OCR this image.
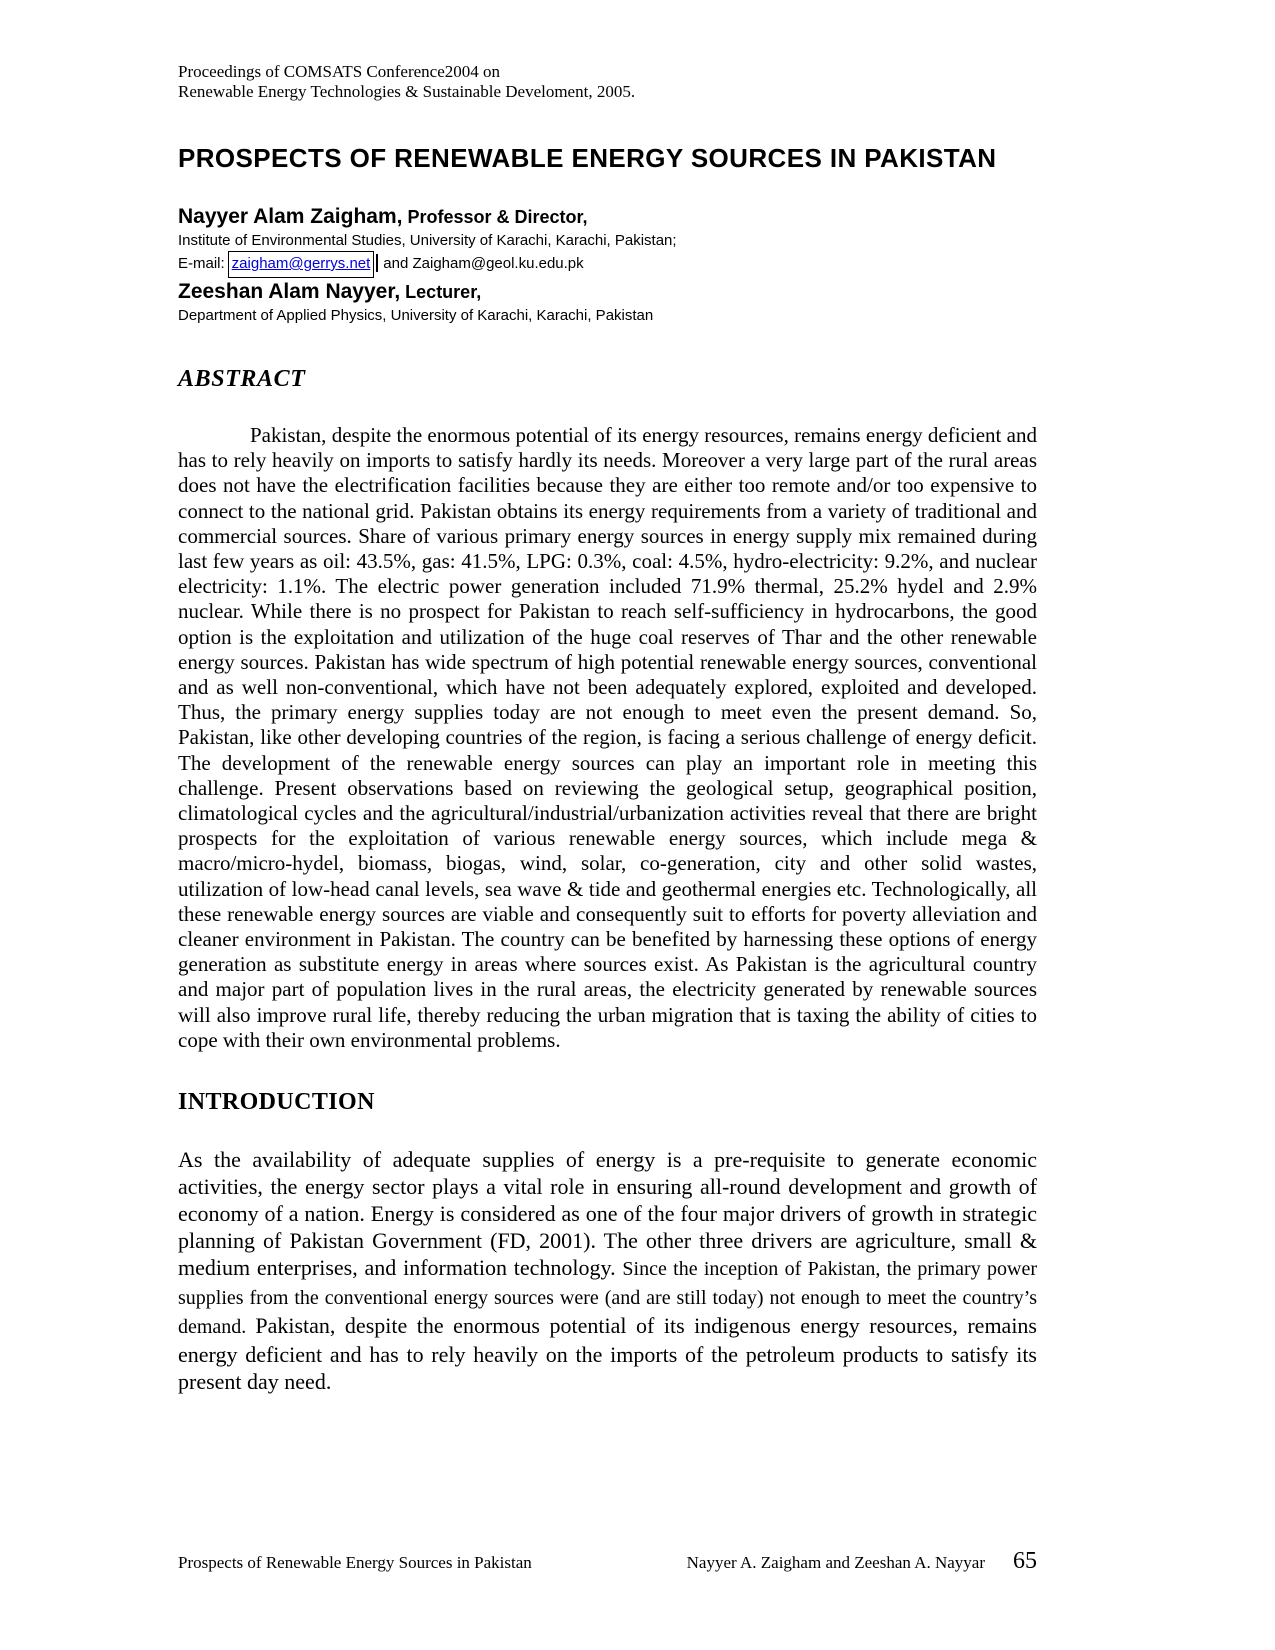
Proceedings of COMSATS Conference2004 on
Renewable Energy Technologies & Sustainable Develoment, 2005.
PROSPECTS OF RENEWABLE ENERGY SOURCES IN PAKISTAN
Nayyer Alam Zaigham, Professor & Director,
Institute of Environmental Studies, University of Karachi, Karachi, Pakistan;
E-mail: zaigham@gerrys.net and Zaigham@geol.ku.edu.pk
Zeeshan Alam Nayyer, Lecturer,
Department of Applied Physics, University of Karachi, Karachi, Pakistan
ABSTRACT

Pakistan, despite the enormous potential of its energy resources, remains energy deficient and has to rely heavily on imports to satisfy hardly its needs. Moreover a very large part of the rural areas does not have the electrification facilities because they are either too remote and/or too expensive to connect to the national grid. Pakistan obtains its energy requirements from a variety of traditional and commercial sources. Share of various primary energy sources in energy supply mix remained during last few years as oil: 43.5%, gas: 41.5%, LPG: 0.3%, coal: 4.5%, hydro-electricity: 9.2%, and nuclear electricity: 1.1%. The electric power generation included 71.9% thermal, 25.2% hydel and 2.9% nuclear. While there is no prospect for Pakistan to reach self-sufficiency in hydrocarbons, the good option is the exploitation and utilization of the huge coal reserves of Thar and the other renewable energy sources. Pakistan has wide spectrum of high potential renewable energy sources, conventional and as well non-conventional, which have not been adequately explored, exploited and developed. Thus, the primary energy supplies today are not enough to meet even the present demand. So, Pakistan, like other developing countries of the region, is facing a serious challenge of energy deficit. The development of the renewable energy sources can play an important role in meeting this challenge. Present observations based on reviewing the geological setup, geographical position, climatological cycles and the agricultural/industrial/urbanization activities reveal that there are bright prospects for the exploitation of various renewable energy sources, which include mega & macro/micro-hydel, biomass, biogas, wind, solar, co-generation, city and other solid wastes, utilization of low-head canal levels, sea wave & tide and geothermal energies etc. Technologically, all these renewable energy sources are viable and consequently suit to efforts for poverty alleviation and cleaner environment in Pakistan. The country can be benefited by harnessing these options of energy generation as substitute energy in areas where sources exist. As Pakistan is the agricultural country and major part of population lives in the rural areas, the electricity generated by renewable sources will also improve rural life, thereby reducing the urban migration that is taxing the ability of cities to cope with their own environmental problems.

INTRODUCTION

As the availability of adequate supplies of energy is a pre-requisite to generate economic activities, the energy sector plays a vital role in ensuring all-round development and growth of economy of a nation. Energy is considered as one of the four major drivers of growth in strategic planning of Pakistan Government (FD, 2001). The other three drivers are agriculture, small & medium enterprises, and information technology. Since the inception of Pakistan, the primary power supplies from the conventional energy sources were (and are still today) not enough to meet the country’s demand. Pakistan, despite the enormous potential of its indigenous energy resources, remains energy deficient and has to rely heavily on the imports of the petroleum products to satisfy its present day need.

Prospects of Renewable Energy Sources in Pakistan	Nayyer A. Zaigham and Zeeshan A. Nayyar 65
